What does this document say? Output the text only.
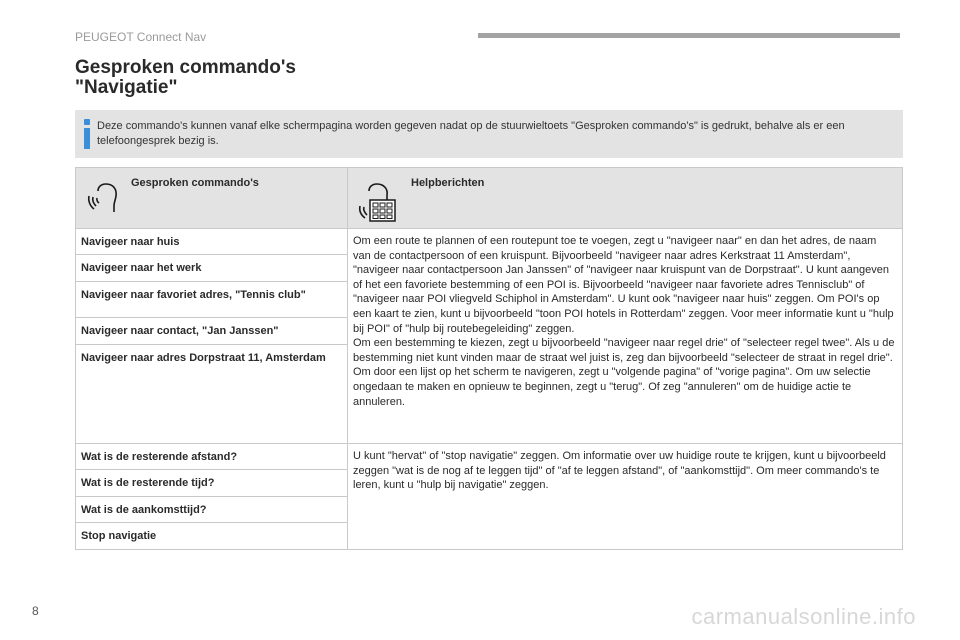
PEUGEOT Connect Nav
Gesproken commando's
"Navigatie"
Deze commando's kunnen vanaf elke schermpagina worden gegeven nadat op de stuurwieltoets "Gesproken commando's" is gedrukt, behalve als er een telefoongesprek bezig is.
Gesproken commando's	Helpberichten

Navigeer naar huis	Om een route te plannen of een routepunt toe te voegen, zegt u "navigeer naar" en dan het adres, de naam van de contactpersoon of een kruispunt. Bijvoorbeeld "navigeer naar adres Kerkstraat 11 Amsterdam", "navigeer naar contactpersoon Jan Janssen" of "navigeer naar kruispunt van de Dorpstraat". U kunt aangeven of het een favoriete bestemming of een POI is. Bijvoorbeeld "navigeer naar favoriete adres Tennisclub" of "navigeer naar POI vliegveld Schiphol in Amsterdam". U kunt ook "navigeer naar huis" zeggen. Om POI's op een kaart te zien, kunt u bijvoorbeeld "toon POI hotels in Rotterdam" zeggen. Voor meer informatie kunt u "hulp bij POI" of "hulp bij routebegeleiding" zeggen.
Om een bestemming te kiezen, zegt u bijvoorbeeld "navigeer naar regel drie" of "selecteer regel twee". Als u de bestemming niet kunt vinden maar de straat wel juist is, zeg dan bijvoorbeeld "selecteer de straat in regel drie". Om door een lijst op het scherm te navigeren, zegt u "volgende pagina" of "vorige pagina". Om uw selectie ongedaan te maken en opnieuw te beginnen, zegt u "terug". Of zeg "annuleren" om de huidige actie te annuleren.

Navigeer naar het werk	
Navigeer naar favoriet adres, "Tennis club"	
Navigeer naar contact, "Jan Janssen"	
Navigeer naar adres Dorpstraat 11, Amsterdam	
Wat is de resterende afstand?	U kunt "hervat" of "stop navigatie" zeggen. Om informatie over uw huidige route te krijgen, kunt u bijvoorbeeld zeggen "wat is de nog af te leggen tijd" of "af te leggen afstand", of "aankomsttijd". Om meer commando's te leren, kunt u "hulp bij navigatie" zeggen.
Wat is de resterende tijd?	
Wat is de aankomsttijd?	
Stop navigatie	
8	carmanualsonline.info
